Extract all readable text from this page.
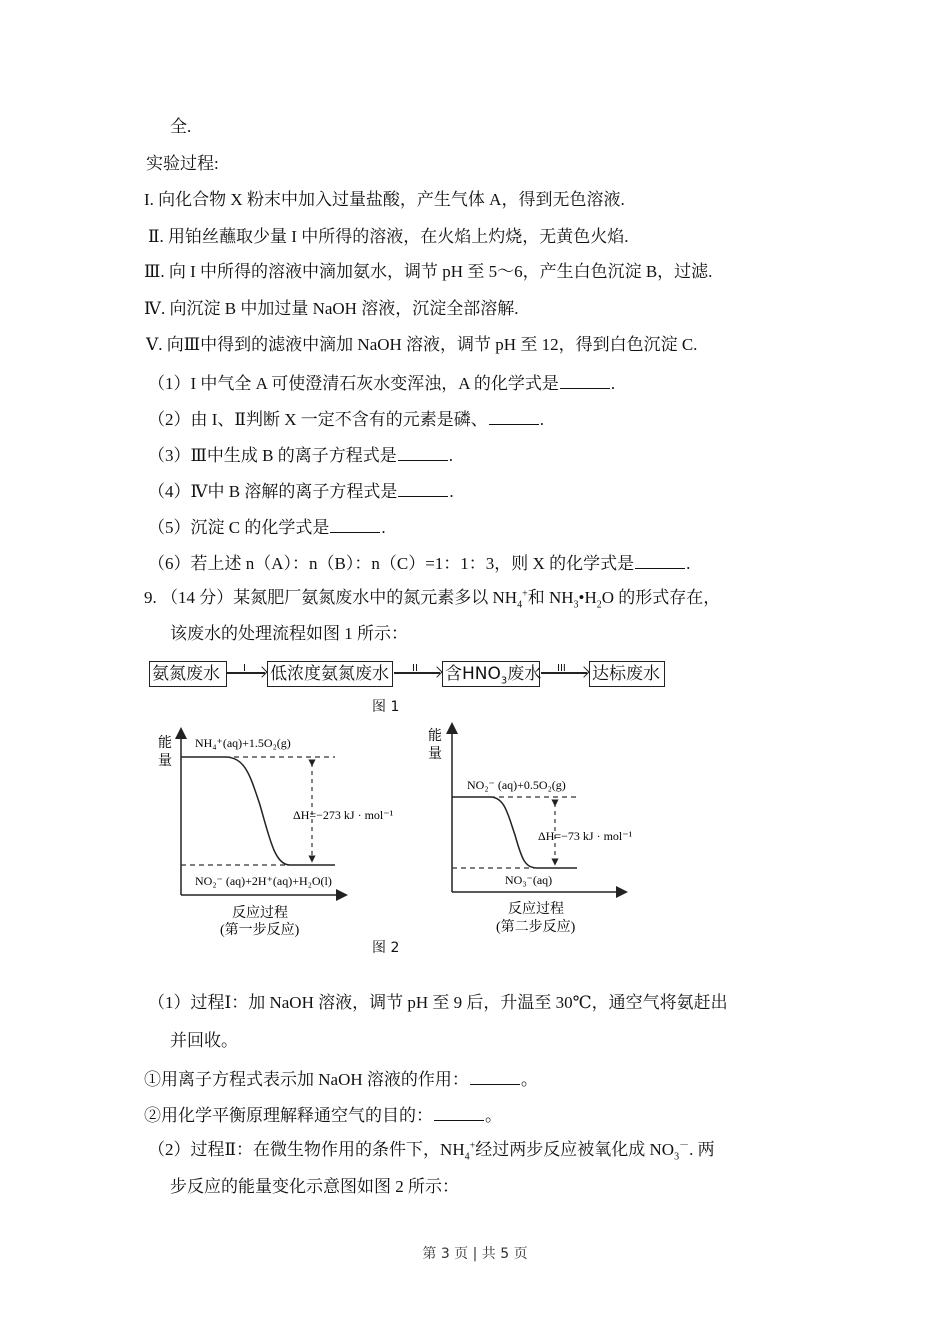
全.
实验过程:
I. 向化合物 X 粉末中加入过量盐酸，产生气体 A，得到无色溶液.
Ⅱ. 用铂丝蘸取少量 I 中所得的溶液，在火焰上灼烧，无黄色火焰.
Ⅲ. 向 I 中所得的溶液中滴加氨水，调节 pH 至 5～6，产生白色沉淀 B，过滤.
Ⅳ. 向沉淀 B 中加过量 NaOH 溶液，沉淀全部溶解.
Ⅴ. 向Ⅲ中得到的滤液中滴加 NaOH 溶液，调节 pH 至 12，得到白色沉淀 C.
（1）I 中气全 A 可使澄清石灰水变浑浊，A 的化学式是	.
（2）由 I、Ⅱ判断 X 一定不含有的元素是磷、	.
（3）Ⅲ中生成 B 的离子方程式是	.
（4）Ⅳ中 B 溶解的离子方程式是	.
（5）沉淀 C 的化学式是	.
（6）若上述 n（A）：n（B）：n（C）=1：1：3，则 X 的化学式是	.
9. （14 分）某氮肥厂氨氮废水中的氮元素多以 $NH_4^+$和 $NH_3•H_2O$ 的形式存在，
该废水的处理流程如图 1 所示：
氨氮废水	I 低浓度氨氮废水	II 含$HNO_3$废水 III 达标废水
图 1
能
量
NH₄⁺(aq)+1.5O₂(g)
ΔH=−273 kJ · mol⁻¹
NO₂⁻ (aq)+2H⁺(aq)+H₂O(l)
反应过程
(第一步反应)
能
量
NO₂⁻ (aq)+0.5O₂(g)
ΔH=−73 kJ · mol⁻¹
NO₃⁻(aq)
反应过程
(第二步反应)
图 2
（1）过程Ⅰ：加 NaOH 溶液，调节 pH 至 9 后，升温至 30℃，通空气将氨赶出
并回收。
①用离子方程式表示加 NaOH 溶液的作用：	。
②用化学平衡原理解释通空气的目的：	。
（2）过程Ⅱ：在微生物作用的条件下，$NH_4^+$经过两步反应被氧化成 $NO_3^-$. 两
步反应的能量变化示意图如图 2 所示：
第 3 页 | 共 5 页
